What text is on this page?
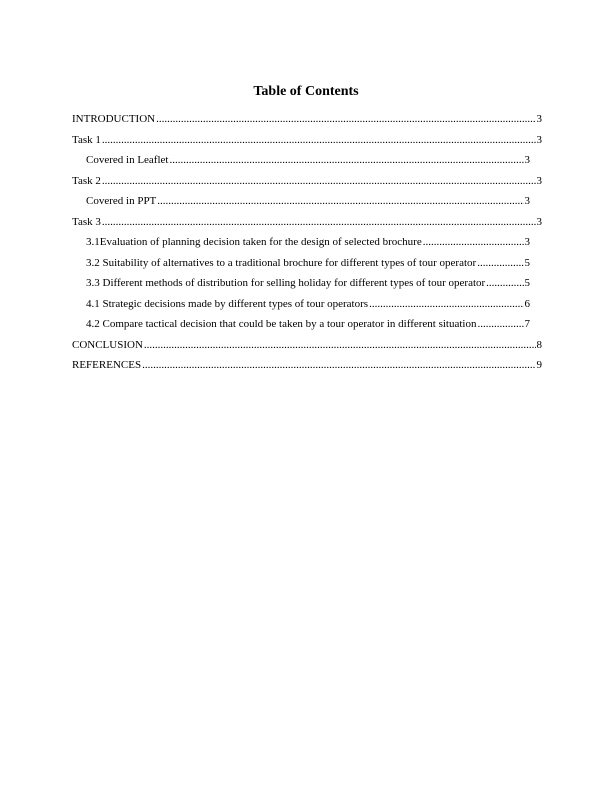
Table of Contents
INTRODUCTION .....	3
Task 1 .....	3
Covered in Leaflet .....	3
Task 2 .....	3
Covered in PPT .....	3
Task 3 .....	3
3.1Evaluation of planning decision taken for the design of selected brochure .....	3
3.2 Suitability of alternatives to a traditional brochure for different types of tour operator .....	5
3.3 Different methods of distribution for selling holiday for different types of tour operator .....	5
4.1 Strategic decisions made by different types of tour operators .....	6
4.2 Compare tactical decision that could be taken by a tour operator in different situation .....	7
CONCLUSION .....	8
REFERENCES .....	9
